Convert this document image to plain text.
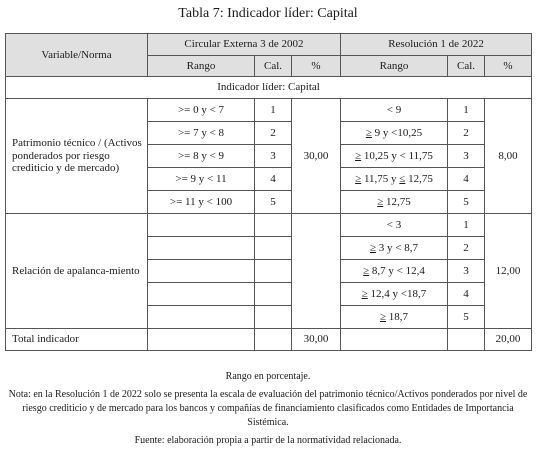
Tabla 7: Indicador líder: Capital
Variable/Norma	Circular Externa 3 de 2002			Resolución 1 de 2022		
	Rango	Cal.	%	Rango	Cal.	%
Indicador líder: Capital						
Patrimonio técnico / (Activos ponderados por riesgo crediticio y de mercado)	>= 0 y < 7	1	30,00	< 9	1	8,00
	>= 7 y < 8	2		≥ 9 y <10,25	2	
	>= 8 y < 9	3		≥ 10,25 y < 11,75	3	
	>= 9 y < 11	4		≥ 11,75 y ≤ 12,75	4	
	>= 11 y < 100	5		≥ 12,75	5	
Relación de apalanca-miento				< 3	1	12,00
				≥ 3 y < 8,7	2	
				≥ 8,7 y < 12,4	3	
				≥ 12,4 y <18,7	4	
				≥ 18,7	5	
Total indicador			30,00			20,00

Rango en porcentaje.

Nota: en la Resolución 1 de 2022 solo se presenta la escala de evaluación del patrimonio técnico/Activos ponderados por nivel de riesgo crediticio y de mercado para los bancos y compañías de financiamiento clasificados como Entidades de Importancia Sistémica.

Fuente: elaboración propia a partir de la normatividad relacionada.
